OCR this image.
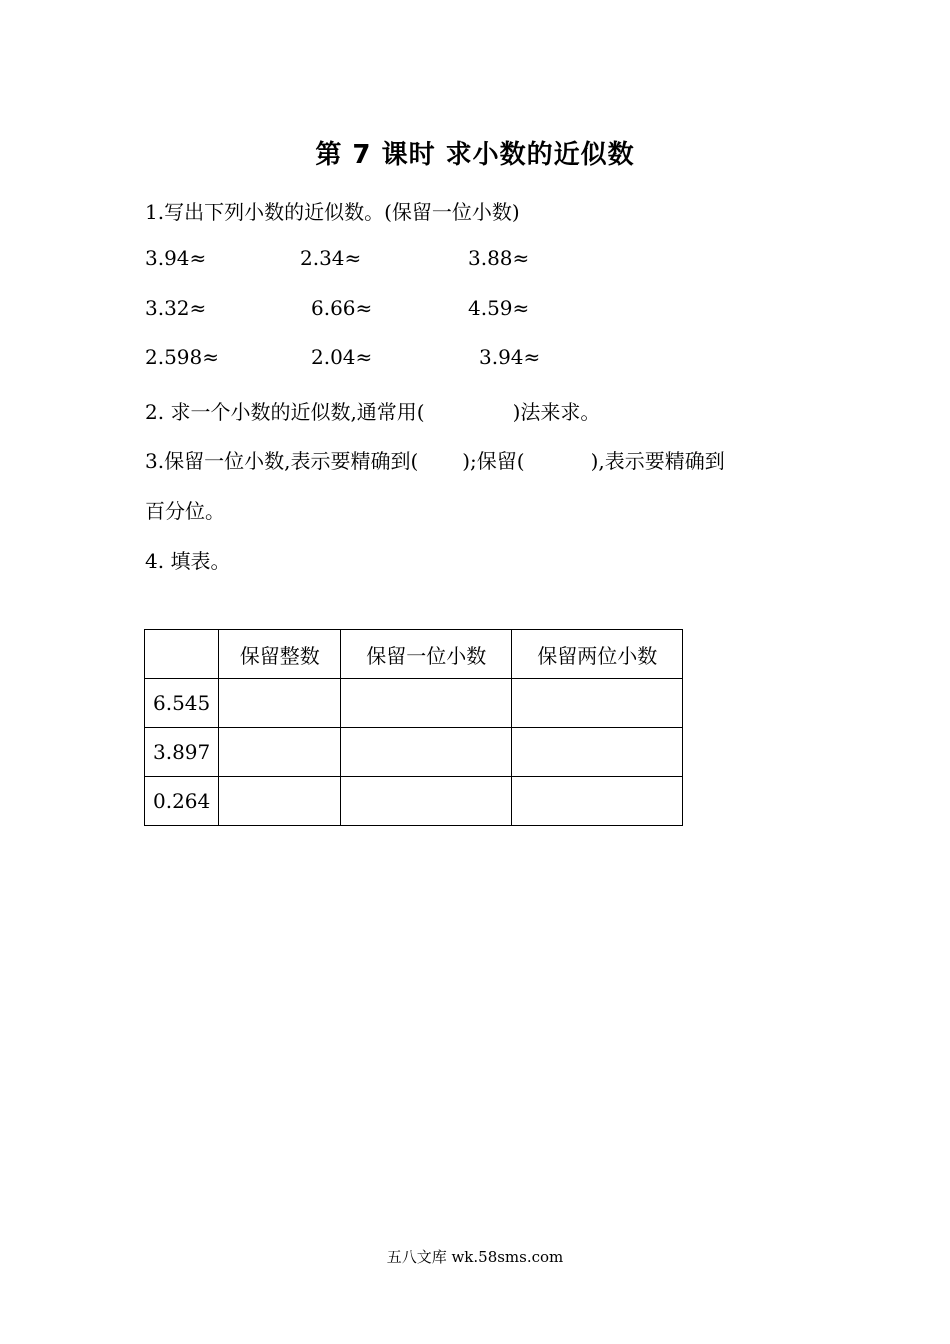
第 7 课时 求小数的近似数
1.写出下列小数的近似数。(保留一位小数)
3.94≈	2.34≈	3.88≈
3.32≈	6.66≈	4.59≈
2.598≈	2.04≈	3.94≈
2. 求一个小数的近似数,通常用(	)法来求。
3.保留一位小数,表示要精确到( );保留(	),表示要精确到
百分位。
4. 填表。
	保留整数	保留一位小数	保留两位小数
6.545			
3.897			
0.264			
五八文库 wk.58sms.com
